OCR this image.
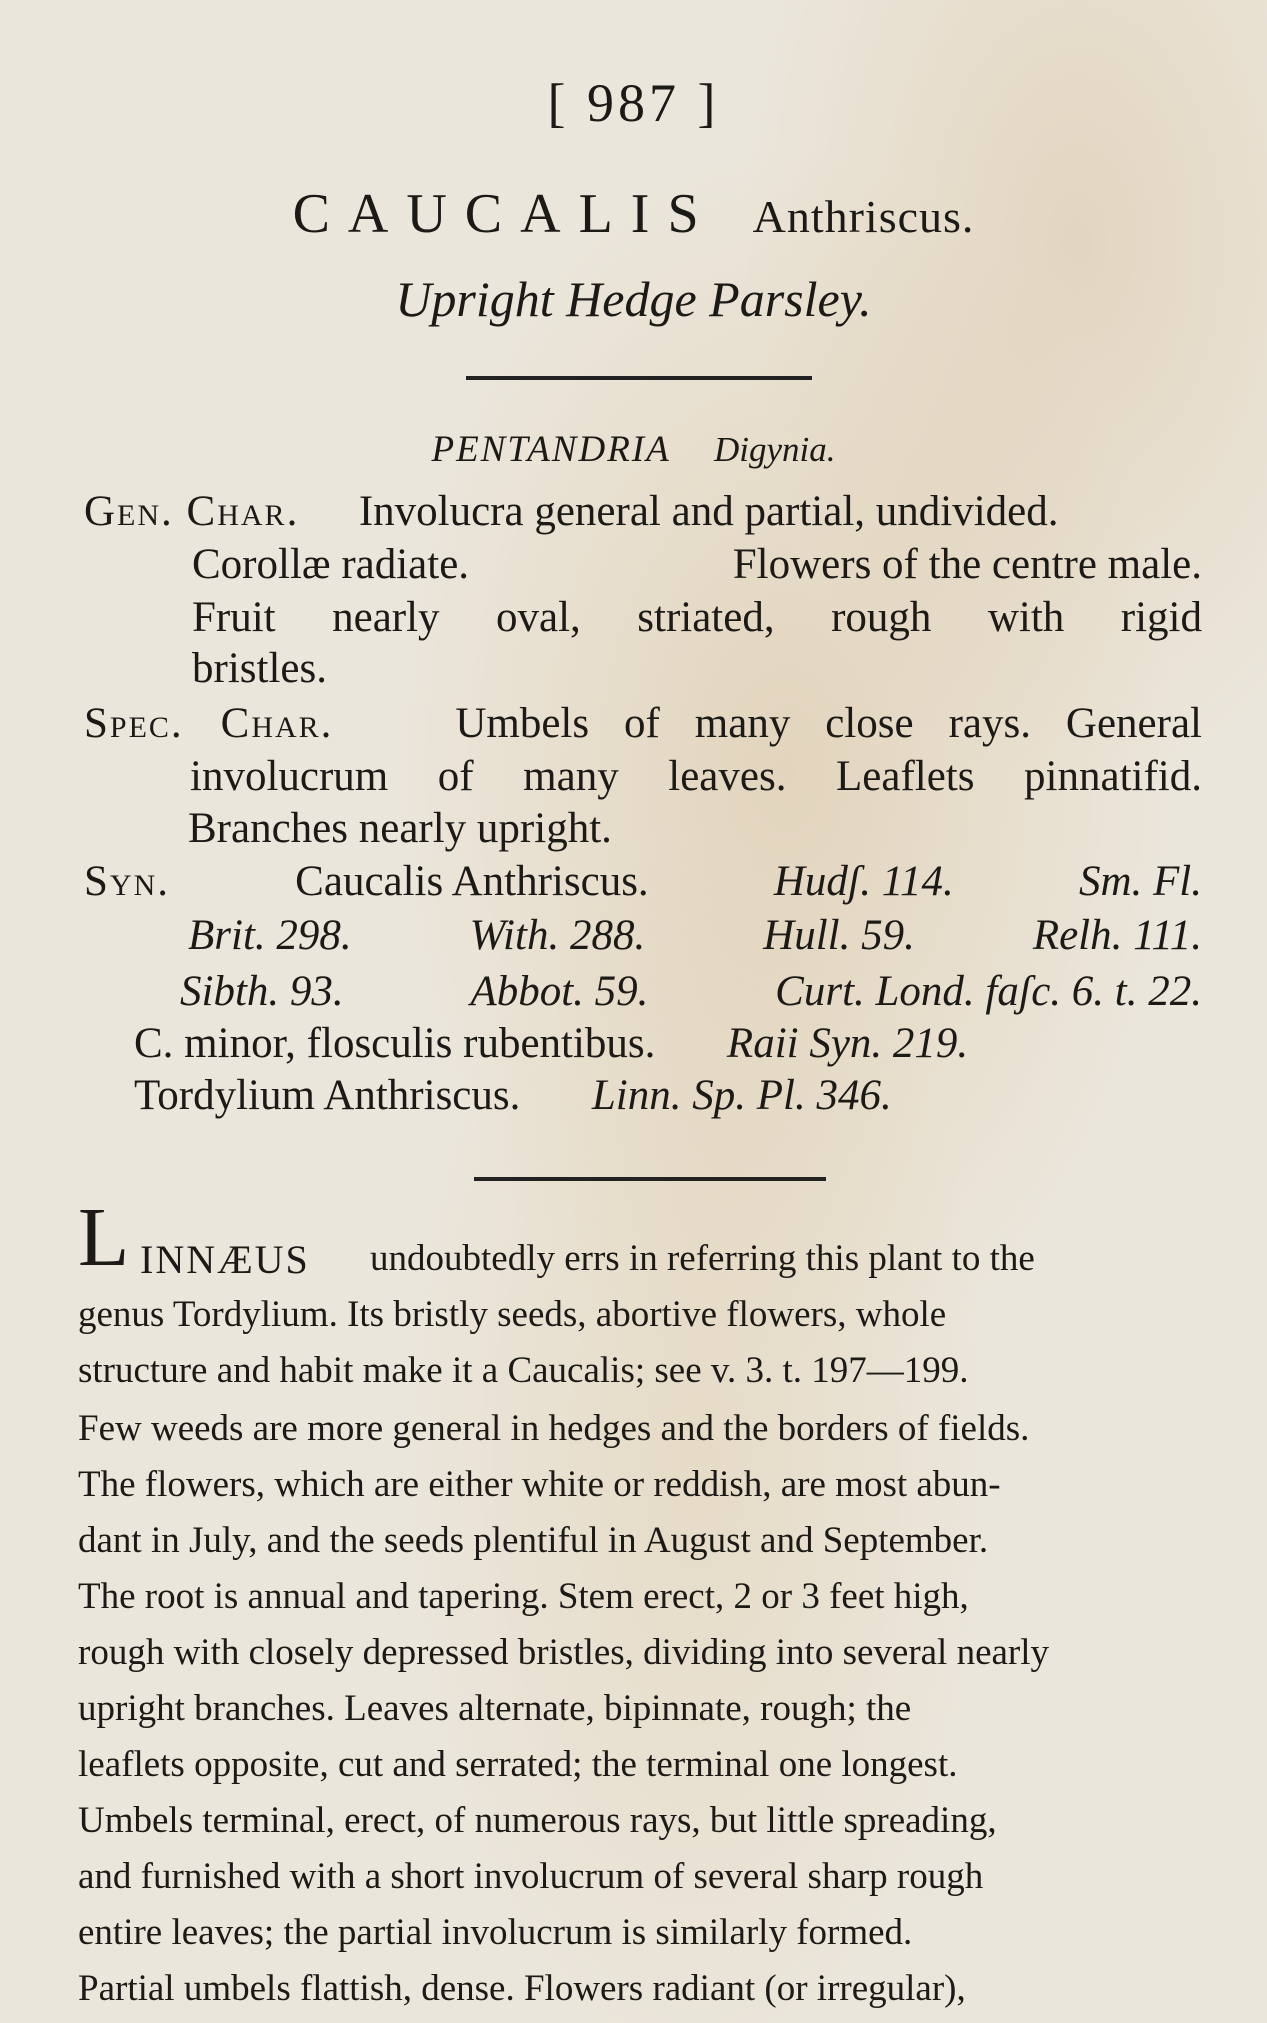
[ 987 ]
CAUCALIS Anthriscus.
Upright Hedge Parsley.
PENTANDRIA Digynia.
Gen. Char. Involucra general and partial, undivided.
Corollæ radiate.	Flowers of the centre male.
Fruit nearly oval, striated, rough with rigid
bristles.
Spec. Char.	Umbels of many close rays. General
involucrum of many leaves. Leaflets pinnatifid.
Branches nearly upright.
Syn.	Caucalis Anthriscus.	Hudʃ. 114.	Sm. Fl.
Brit. 298.	With. 288.	Hull. 59.	Relh. 111.
Sibth. 93.	Abbot. 59.	Curt. Lond. faʃc. 6. t. 22.
C. minor, flosculis rubentibus. Raii Syn. 219.
Tordylium Anthriscus. Linn. Sp. Pl. 346.
L INNÆUS undoubtedly errs in referring this plant to the
genus Tordylium. Its bristly seeds, abortive flowers, whole
structure and habit make it a Caucalis; see v. 3. t. 197—199.
Few weeds are more general in hedges and the borders of fields.
The flowers, which are either white or reddish, are most abun-
dant in July, and the seeds plentiful in August and September.
The root is annual and tapering. Stem erect, 2 or 3 feet high,
rough with closely depressed bristles, dividing into several nearly
upright branches. Leaves alternate, bipinnate, rough; the
leaflets opposite, cut and serrated; the terminal one longest.
Umbels terminal, erect, of numerous rays, but little spreading,
and furnished with a short involucrum of several sharp rough
entire leaves; the partial involucrum is similarly formed.
Partial umbels flattish, dense. Flowers radiant (or irregular),
